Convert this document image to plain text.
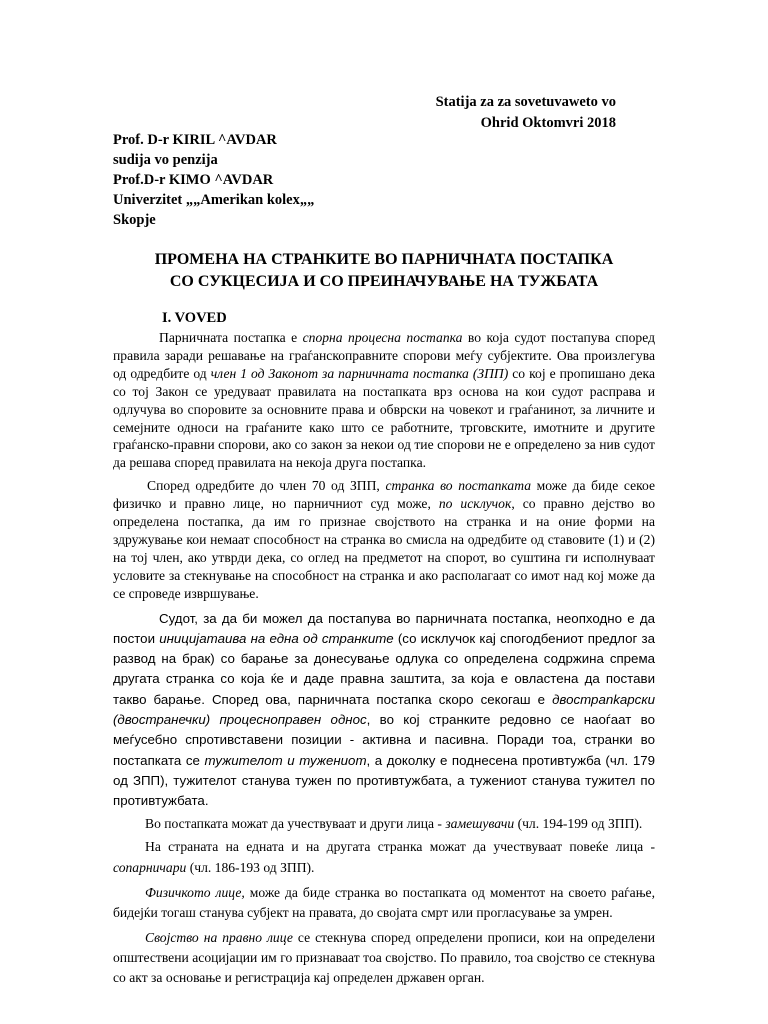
Statija za za sovetuvaweto vo
Ohrid Oktomvri 2018
Prof. D-r KIRIL ^AVDAR
sudija vo penzija
Prof.D-r KIMO ^AVDAR
Univerzitet „„Amerikan kolex„„
Skopje
ПРОМЕНА НА СТРАНКИТЕ ВО ПАРНИЧНАТА ПОСТАПКА
СО СУКЦЕСИЈА И СО ПРЕИНАЧУВАЊЕ НА ТУЖБАТА
I. VOVED

Парничната постапка е спорна процесна постапка во која судот постапува според правила заради решавање на граѓанскоправните спорови меѓу субјектите. Ова произлегува од одредбите од член 1 од Законот за парничната постапка (ЗПП) со кој е пропишано дека со тој Закон се уредуваат правилата на постапката врз основа на кои судот расправа и одлучува во споровите за основните права и обврски на човекот и граѓанинот, за личните и семејните односи на граѓаните како што се работните, трговските, имотните и другите граѓанско-правни спорови, ако со закон за некои од тие спорови не е определено за нив судот да решава според правилата на некоја друга постапка.

Според одредбите до член 70 од ЗПП, странка во постапката може да биде секое физичко и правно лице, но парничниот суд може, по исклучок, со правно дејство во определена постапка, да им го признае својството на странка и на оние форми на здружување кои немаат способност на странка во смисла на одредбите од ставовите (1) и (2) на тој член, ако утврди дека, со оглед на предметот на спорот, во суштина ги исполнуваат условите за стекнување на способност на странка и ако располагаат со имот над кој може да се спроведе извршување.

Судот, за да би можел да постапува во парничната постапка, неопходно е да постои иницијатаива на една од странките (со исклучок кај спогодбениот предлог за развод на брак) со барање за донесување одлука со определена содржина спрема другата странка со која ќе и даде правна заштита, за која е овластена да постави такво барање. Според ова, парничната постапка скоро секогаш е двострankарски (двостранечки) процесноправен однос, во кој странките редовно се наоѓаат во меѓусебно спротивставени позиции - активна и пасивна. Поради тоа, странки во постапката се тужителот и тужениот, а доколку е поднесена противтужба (чл. 179 од ЗПП), тужителот станува тужен по противтужбата, а тужениот станува тужител по противтужбата.

Во постапката можат да учествуваат и други лица - замешувачи (чл. 194-199 од ЗПП).

На страната на едната и на другата странка можат да учествуваат повеќе лица - сопарничари (чл. 186-193 од ЗПП).

Физичкото лице, може да биде странка во постапката од моментот на своето раѓање, бидејќи тогаш станува субјект на правата, до својата смрт или прогласување за умрен.

Својство на правно лице се стекнува според определени прописи, кои на определени општествени асоцијации им го признаваат тоа својство. По правило, тоа својство се стекнува со акт за основање и регистрација кај определен државен орган.
